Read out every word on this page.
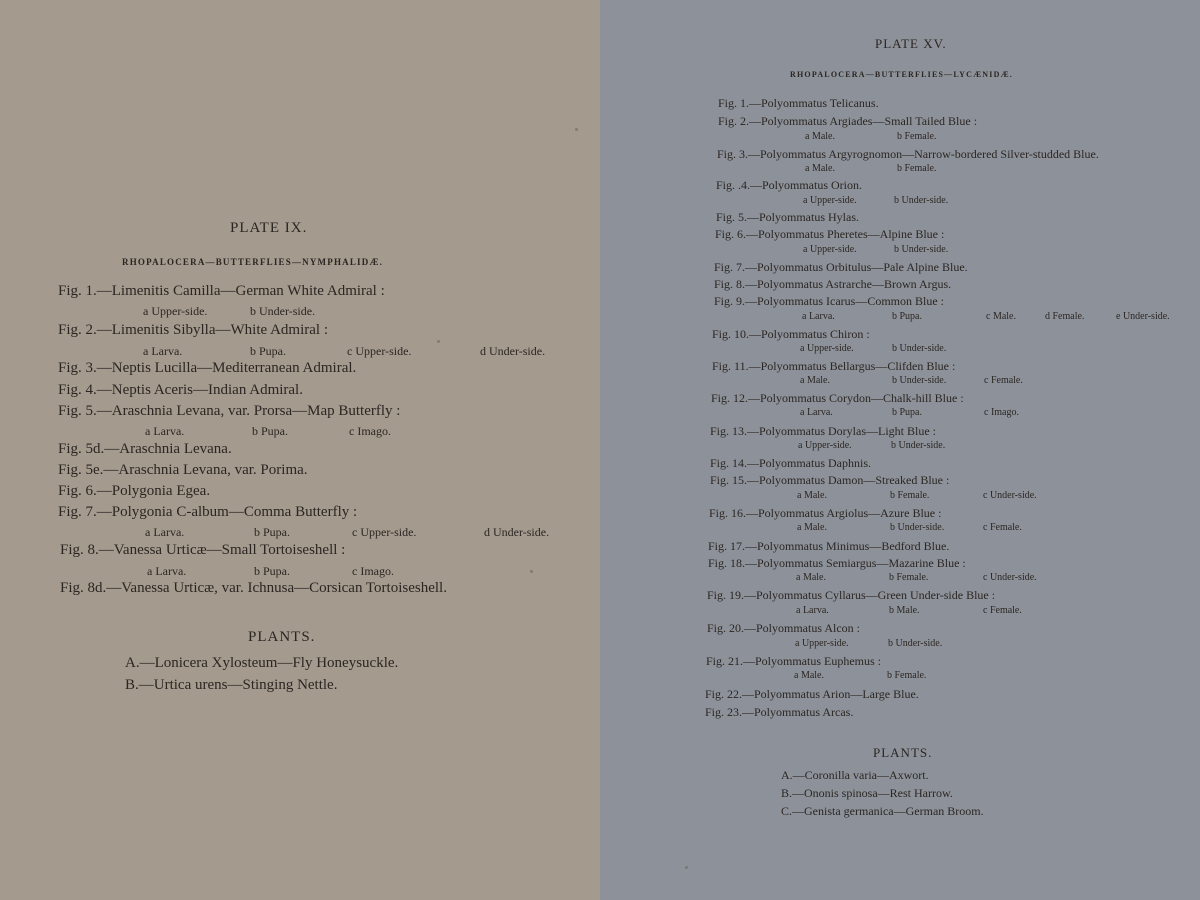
PLATE IX.
RHOPALOCERA—BUTTERFLIES—NYMPHALIDÆ.
Fig. 1.—Limenitis Camilla—German White Admiral :
a Upper-side.	b Under-side.
Fig. 2.—Limenitis Sibylla—White Admiral :
a Larva.	b Pupa.	c Upper-side.	d Under-side.
Fig. 3.—Neptis Lucilla—Mediterranean Admiral.
Fig. 4.—Neptis Aceris—Indian Admiral.
Fig. 5.—Araschnia Levana, var. Prorsa—Map Butterfly :
a Larva.	b Pupa.	c Imago.
Fig. 5d.—Araschnia Levana.
Fig. 5e.—Araschnia Levana, var. Porima.
Fig. 6.—Polygonia Egea.
Fig. 7.—Polygonia C-album—Comma Butterfly :
a Larva.	b Pupa.	c Upper-side.	d Under-side.
Fig. 8.—Vanessa Urticæ—Small Tortoiseshell :
a Larva.	b Pupa.	c Imago.
Fig. 8d.—Vanessa Urticæ, var. Ichnusa—Corsican Tortoiseshell.
PLANTS.
A.—Lonicera Xylosteum—Fly Honeysuckle.
B.—Urtica urens—Stinging Nettle.
PLATE XV.
RHOPALOCERA—BUTTERFLIES—LYCÆNIDÆ.
Fig. 1.—Polyommatus Telicanus.
Fig. 2.—Polyommatus Argiades—Small Tailed Blue :
a Male.	b Female.
Fig. 3.—Polyommatus Argyrognomon—Narrow-bordered Silver-studded Blue.
a Male.	b Female.
Fig. .4.—Polyommatus Orion.
a Upper-side.	b Under-side.
Fig. 5.—Polyommatus Hylas.
Fig. 6.—Polyommatus Pheretes—Alpine Blue :
a Upper-side.	b Under-side.
Fig. 7.—Polyommatus Orbitulus—Pale Alpine Blue.
Fig. 8.—Polyommatus Astrarche—Brown Argus.
Fig. 9.—Polyommatus Icarus—Common Blue :
a Larva.	b Pupa.	c Male.	d Female.	e Under-side.
Fig. 10.—Polyommatus Chiron :
a Upper-side.	b Under-side.
Fig. 11.—Polyommatus Bellargus—Clifden Blue :
a Male.	b Under-side.	c Female.
Fig. 12.—Polyommatus Corydon—Chalk-hill Blue :
a Larva.	b Pupa.	c Imago.
Fig. 13.—Polyommatus Dorylas—Light Blue :
a Upper-side.	b Under-side.
Fig. 14.—Polyommatus Daphnis.
Fig. 15.—Polyommatus Damon—Streaked Blue :
a Male.	b Female.	c Under-side.
Fig. 16.—Polyommatus Argiolus—Azure Blue :
a Male.	b Under-side.	c Female.
Fig. 17.—Polyommatus Minimus—Bedford Blue.
Fig. 18.—Polyommatus Semiargus—Mazarine Blue :
a Male.	b Female.	c Under-side.
Fig. 19.—Polyommatus Cyllarus—Green Under-side Blue :
a Larva.	b Male.	c Female.
Fig. 20.—Polyommatus Alcon :
a Upper-side.	b Under-side.
Fig. 21.—Polyommatus Euphemus :
a Male.	b Female.
Fig. 22.—Polyommatus Arion—Large Blue.
Fig. 23.—Polyommatus Arcas.
PLANTS.
A.—Coronilla varia—Axwort.
B.—Ononis spinosa—Rest Harrow.
C.—Genista germanica—German Broom.
